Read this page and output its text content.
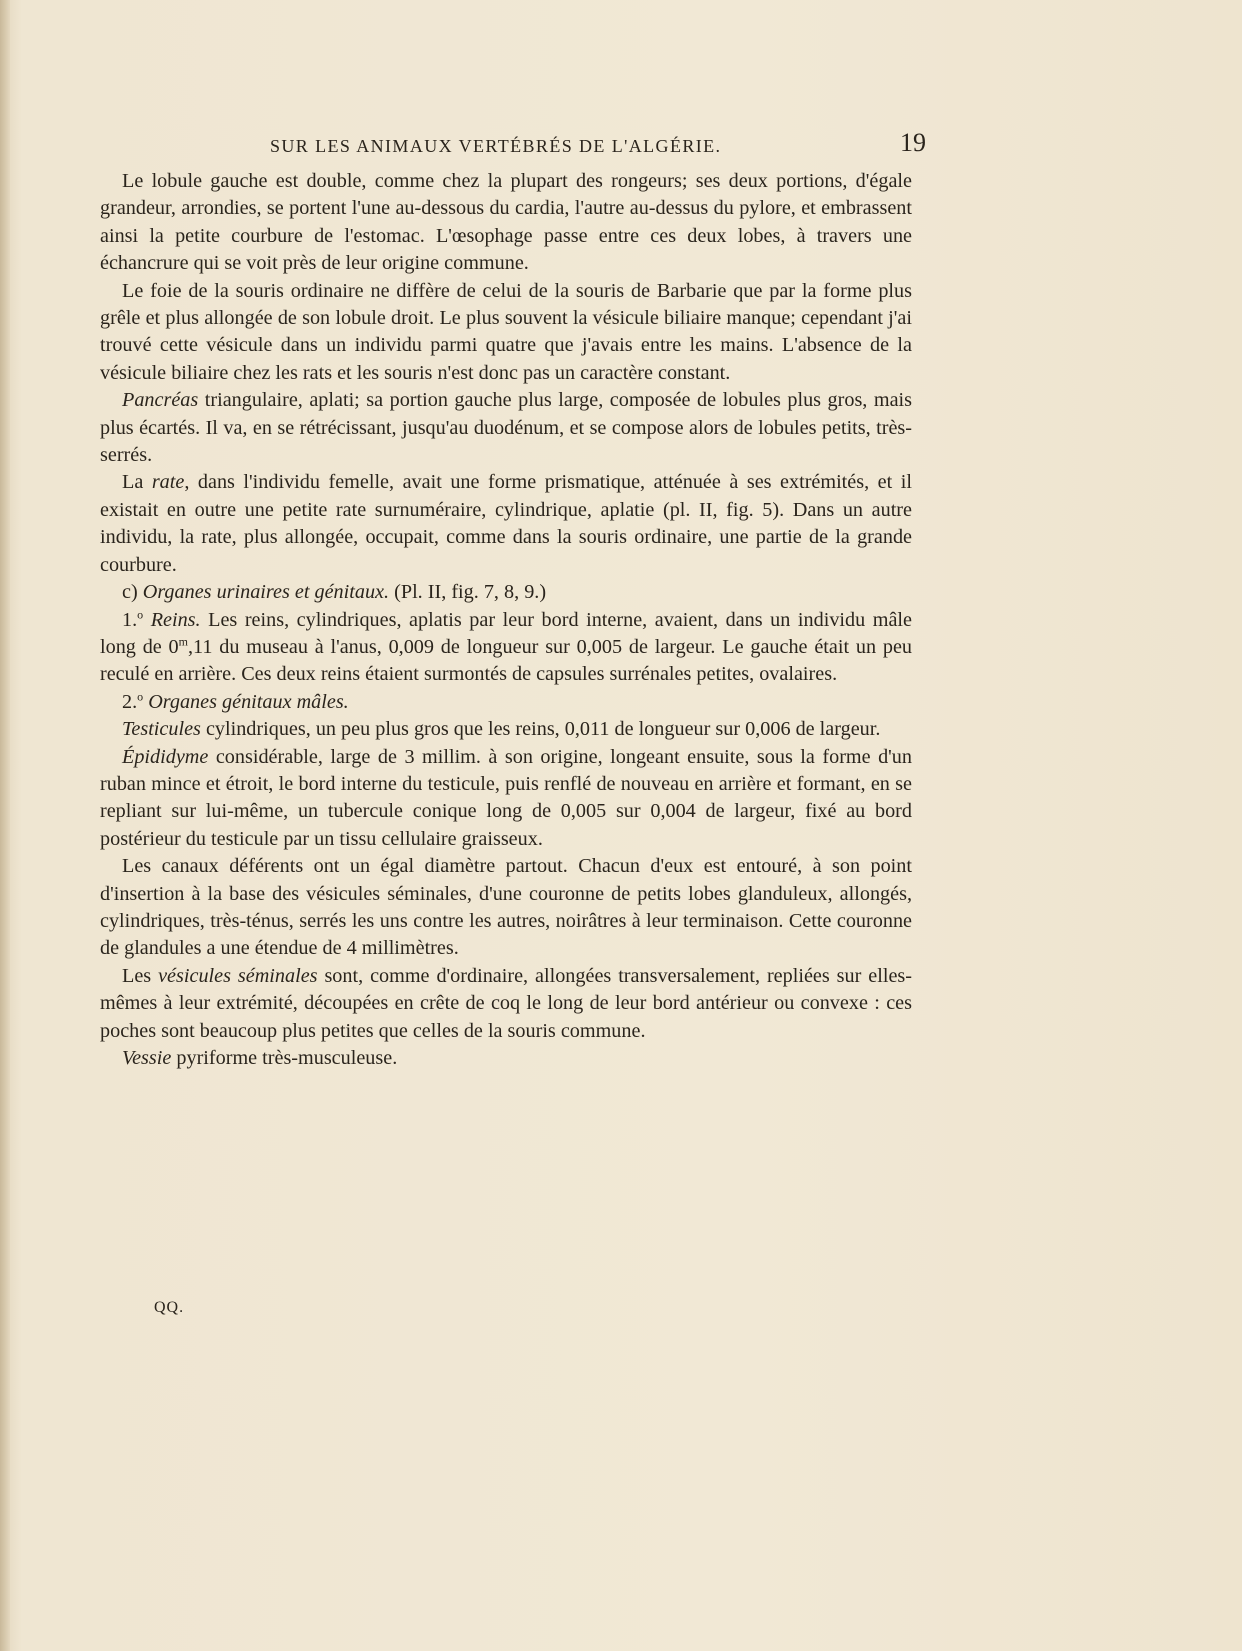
SUR LES ANIMAUX VERTÉBRÉS DE L'ALGÉRIE.	19

Le lobule gauche est double, comme chez la plupart des rongeurs; ses deux portions, d'égale grandeur, arrondies, se portent l'une au-dessous du cardia, l'autre au-dessus du pylore, et embrassent ainsi la petite courbure de l'estomac. L'œsophage passe entre ces deux lobes, à travers une échancrure qui se voit près de leur origine commune.

Le foie de la souris ordinaire ne diffère de celui de la souris de Barbarie que par la forme plus grêle et plus allongée de son lobule droit. Le plus souvent la vésicule biliaire manque; cependant j'ai trouvé cette vésicule dans un individu parmi quatre que j'avais entre les mains. L'absence de la vésicule biliaire chez les rats et les souris n'est donc pas un caractère constant.

Pancréas triangulaire, aplati; sa portion gauche plus large, composée de lobules plus gros, mais plus écartés. Il va, en se rétrécissant, jusqu'au duodénum, et se compose alors de lobules petits, très-serrés.

La rate, dans l'individu femelle, avait une forme prismatique, atténuée à ses extrémités, et il existait en outre une petite rate surnuméraire, cylindrique, aplatie (pl. II, fig. 5). Dans un autre individu, la rate, plus allongée, occupait, comme dans la souris ordinaire, une partie de la grande courbure.

c) Organes urinaires et génitaux. (Pl. II, fig. 7, 8, 9.)

1.$^o$ Reins. Les reins, cylindriques, aplatis par leur bord interne, avaient, dans un individu mâle long de 0$^m$,11 du museau à l'anus, 0,009 de longueur sur 0,005 de largeur. Le gauche était un peu reculé en arrière. Ces deux reins étaient surmontés de capsules surrénales petites, ovalaires.

2.$^o$ Organes génitaux mâles.

Testicules cylindriques, un peu plus gros que les reins, 0,011 de longueur sur 0,006 de largeur.

Épididyme considérable, large de 3 millim. à son origine, longeant ensuite, sous la forme d'un ruban mince et étroit, le bord interne du testicule, puis renflé de nouveau en arrière et formant, en se repliant sur lui-même, un tubercule conique long de 0,005 sur 0,004 de largeur, fixé au bord postérieur du testicule par un tissu cellulaire graisseux.

Les canaux déférents ont un égal diamètre partout. Chacun d'eux est entouré, à son point d'insertion à la base des vésicules séminales, d'une couronne de petits lobes glanduleux, allongés, cylindriques, très-ténus, serrés les uns contre les autres, noirâtres à leur terminaison. Cette couronne de glandules a une étendue de 4 millimètres.

Les vésicules séminales sont, comme d'ordinaire, allongées transversalement, repliées sur elles-mêmes à leur extrémité, découpées en crête de coq le long de leur bord antérieur ou convexe : ces poches sont beaucoup plus petites que celles de la souris commune.

Vessie pyriforme très-musculeuse.

QQ.
